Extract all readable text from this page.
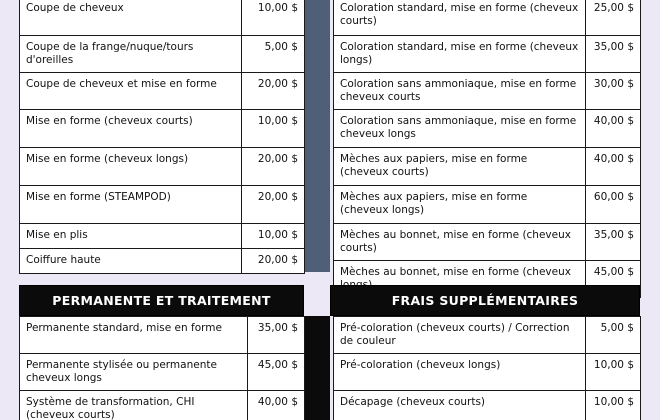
Coupe de cheveux	10,00 $
Coupe de la frange/nuque/tours d'oreilles	5,00 $
Coupe de cheveux et mise en forme	20,00 $
Mise en forme (cheveux courts)	10,00 $
Mise en forme (cheveux longs)	20,00 $
Mise en forme (STEAMPOD)	20,00 $
Mise en plis	10,00 $
Coiffure haute	20,00 $
Coloration standard, mise en forme (cheveux courts)	25,00 $
Coloration standard, mise en forme (cheveux longs)	35,00 $
Coloration sans ammoniaque, mise en forme cheveux courts	30,00 $
Coloration sans ammoniaque, mise en forme cheveux longs	40,00 $
Mèches aux papiers, mise en forme (cheveux courts)	40,00 $
Mèches aux papiers, mise en forme (cheveux longs)	60,00 $
Mèches au bonnet, mise en forme (cheveux courts)	35,00 $
Mèches au bonnet, mise en forme (cheveux	45,00 $
PERMANENTE ET TRAITEMENT	FRAIS SUPPLÉMENTAIRES
Permanente standard, mise en forme	35,00 $
Permanente stylisée ou permanente cheveux longs	45,00 $
Système de transformation, CHI (cheveux courts)	40,00 $
Pré-coloration (cheveux courts) / Correction de couleur	5,00 $
Pré-coloration (cheveux longs)	10,00 $
Décapage (cheveux courts)	10,00 $
